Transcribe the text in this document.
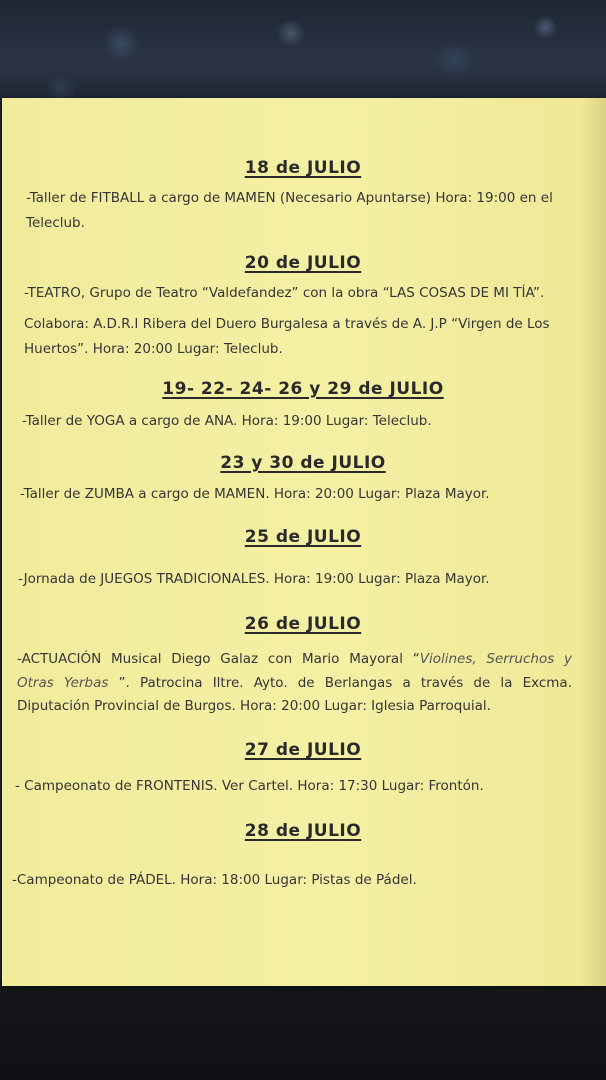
18 de JULIO
-Taller de FITBALL a cargo de MAMEN (Necesario Apuntarse) Hora: 19:00 en el
Teleclub.
20 de JULIO
-TEATRO, Grupo de Teatro “Valdefandez” con la obra “LAS COSAS DE MI TÍA”.
Colabora: A.D.R.I Ribera del Duero Burgalesa a través de A. J.P “Virgen de Los
Huertos”. Hora: 20:00 Lugar: Teleclub.
19- 22- 24- 26 y 29 de JULIO
-Taller de YOGA a cargo de ANA. Hora: 19:00 Lugar: Teleclub.
23 y 30 de JULIO
-Taller de ZUMBA a cargo de MAMEN. Hora: 20:00 Lugar: Plaza Mayor.
25 de JULIO
-Jornada de JUEGOS TRADICIONALES. Hora: 19:00 Lugar: Plaza Mayor.
26 de JULIO
-ACTUACIÓN Musical Diego Galaz con Mario Mayoral “Violines, Serruchos y
Otras Yerbas ”. Patrocina Iltre. Ayto. de Berlangas a través de la Excma.
Diputación Provincial de Burgos. Hora: 20:00 Lugar: Iglesia Parroquial.
27 de JULIO
- Campeonato de FRONTENIS. Ver Cartel. Hora: 17:30 Lugar: Frontón.
28 de JULIO
-Campeonato de PÁDEL. Hora: 18:00 Lugar: Pistas de Pádel.
